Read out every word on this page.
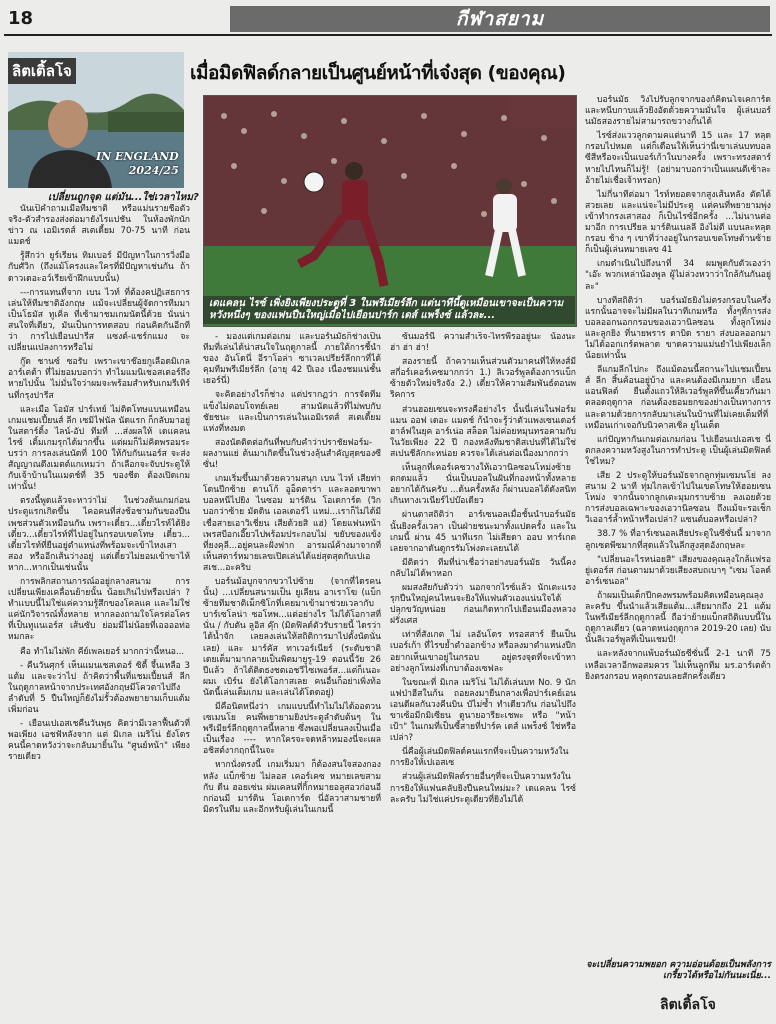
18	กีฬาสยาม
ลิตเติ้ลโจ
IN ENGLAND
2024/25
เมื่อมิดฟิลด์กลายเป็นศูนย์หน้าที่เจ๋งสุด (ของคุณ)
เดแคลน ไรซ์ เพิ่งยิงเพียงประตูที่ 3 ในพรีเมียร์ลีก แต่นาทีนี้ดูเหมือนเขาจะเป็นความหวังหนึ่งๆ ของแฟนปืนใหญ่เมื่อไปเยือนปาร์ก เดส์ แพร็งซ์ แล้วละ...
เปลี่ยนถูกจุด แต่มัน...ใช่เวลาไหม?

นั่นเป็คำถามเมื่อทีมชาติ หรือแม่นรายชื่อตัวจริง-ตัวสำรองส่งต่อมายังไรแปชัน ในห้องพักนักข่าว ณ เอมิเรตส์ สเตเดี้ยม 70-75 นาที ก่อนแมตช์

รู้สึกว่า ยูร์เรียน ทิมเบอร์ มีปัญหาในการวิ่งมือกับศัวิก (ถึงแม้โครงและใครที่มีปัญหาเช่นกัน ถ้าดาวเดอะอว์เรียเข้าฝึกแบบนั้น)

---การแทนที่จาก เบน ไวท์ ที่ต้องคปฏิเสธการเล่นให้ทีมชาติอังกฤษ แม้จะเปลี่ยนผู้จัดการทีมมาเป็นโธมัส ทูเคิ่ล ที่เซ้ามาชมเกมนัดนี้ด้วย นั่นน่าสนใจที่เดียว, มันเป็นการทดสอบ ก่อนคิดกันอีกทีว่า การไปเยือนปารีส แซงต์-แชร์กแมง จะเปลี่ยนแปลงการหรือไม่

กู๊ด ชานซ์ ซอรับ เพราะเขาช๊อยกูเลือดมิเกล อาร์เตต้า ที่ไม่ยอมบอกว่า ทำไมแมนิเชอสเตอร์ถึงหายไปนั้น ไม่มั่นใจว่าผมจะพร้อมสำหรับเกมรีเทิร์นที่กรุงปารีส

และเมือ โอมัส ปาร์เทย์ ไม่ติดโทษแบนเหมือนเกมแชมเปี้ยนส์ ลีก เซมิไฟนัล นัดแรก ก็กลับมาอยู่ในสตาร์ติ้ง ไลน์-อัป ทีมที่ ...ส่งผลให้ เดแคลน ไรซ์ เติ้มเกมรุกได้มากขึ้น แต่ผมก็ไม่คิดพรอมระบรว่า การลงเล่นนัดที่ 100 ให้กับกันเนอร์ส จะส่งสัญญาณดึงเมตต์แกเหมว่า ถ้าเลือกจะจับประตูให้กับเจ้าบ้านในแมตช์ที่ 35 ของชีด ต้องเปิดเกมเท่านั้น!

ตรงนี้พูดแล้วจะหาว่าไม่ ในช่วงต้นเกมก่อนประตูแรกเกิดขึ้น ไคอคนที่ส่งช้อชามกันของปืนเพชส่วนตัวเหมือนกัน เพราะเดี๋ยว...เดี๋ยวไรท์ได้ยิงเดี๋ยว...เดี๋ยวไรท์ที่ไปอยู่ในกรอบเขตโทษ เดี๋ยว... เดี๋ยวไรท์ที่ยืนอยู่ตำแหน่งที่พร้อมจะเข้าไหงเสาสอง หรืออีกเส้นว่างอยู่ แต่เดี๋ยวไม่ยอมเข้าขาไห้หาก...หากเป็นเช่นนั้น

การพลิกสถานการณ์ออยู่กลางสนาม การเปลี่ยนเพียงเคลื่อนย้ายนั้น น้อยเกินไปหรือเปล่า ? ทำเเบบนี้ไม่ใช่แค่ความรู้สึกของโคลแค เเละไม่ใช่แค่นักวิจารณ์ทั้งหลาย หากลองถามใจโครต่อโครที่เป็นทูแนเอร์ส เส้นซับ ย่อมมีไม่น้อยที่เออออท่อหมกละ

คือ ทำไมไม่พัก คีย์เพลเยอร์ มากกว่านี้หนอ...

- คืนวันศุกร์ เห็นแมนเชสเตอร์ ซิตี้ จึ้นเหลือ 3 แต้ม และจะว่าไป ถ้าคิดว่าพื้นที่แชมเปี้ยนส์ ลีก ในฤดูกาลหน้าจากประเทศอังกฤษมีโควตาไปถึงลำดับที่ 5 ปืนใหญ่ก็ยังไม่รั้วต้องพยายามเก็บแต้มเพิ่มก่อน

- เยือนเปเอสเชคืนวันพุธ คิดว่ามีเวลาฟื้นตัวที่พอเพียง เอชฟัหลังจาก แต่ มิเกล เมริโน่ ยังโดรคนนี้คาดหวังว่าจะกลับมายิ้นใน "ศูนย์หน้า" เพียงรายเดียว

- มองแต่เกมต่อเกม และบอร์นมัธก็ช่างเป็นทีมที่เล่นได้น่าสนใจในฤดูกาลนี้ ภายใต้การชี้นำของ อันโดนี่ อีราโอล่า ซาเวลเปรียร์ลีกกาที่ได้คุมทีมพรีเมียร์ลีก (อายุ 42 ปีเอง เนื่องชมแน่ชั้นเยอร์นี่)

จะคิดอย่างไรก็ช่าง แต่ปรากฏว่า การจัดทีมแข็งไม่ตอบโจทย์เลย สามนัดแล้วที่ไม่พบกับชัยชนะ และเป็นการเล่นในเอมิเรตส์ สเตเดี้ยมแห่งที่หงมด

สองนัดติดต่อกันที่พบกับคำว่าปราชัยฟอร์ม-ผลงานแย่ ต้นมาเกิดขึ้นในช่วงลุ้นสำคัญสุดของซีซั่น!

เกมเริ่มขึ้นมาด้วยความสนุก เบน ไวท์ เสียท่า โดนปีกซ้าย ดานโก้ อูอ็ตตาร่า และลอดขาพาบอลหนีไปยิง ไนซอม มาร์ติน โอเดการ์ด (วิก บอกว่าซ้าย มัดดิน เอลเดอร์ไ แหม่...เราก็ไม่ได้มีเชื่อสายเอาวิเชี่ยน เสียด้วยสิ แฮ่) โดยแฟนหน้าเพรสบีอกเอี๊ยวไปพร้อมประกอบไม่ ขยับของแข้งที่ยงคุลี...อยู่คนละฝั่งฟาก อารมณ์ค้างมาจากที่เห็นสตาร์หมายเลขเปิดเล่นได้แย่สุดสุดกับเปเอสเช...อะคริบ

บอร์นม้อบูกจากขวาไปซ้าย (จากที่ไดรคนนั้น) ...เปลี่ยนสนามเป็น ยูเลียน อาเราโฆ (แบ็กซ้ายทีมชาติเม็กซิโกที่เคยมาเข้ามาช่วยเวลากับบาร์เซโลน่า ซอโหพ...แต่อย่างไร ไม่ได้โอกาสที่นั่น / กับตัน ลูอิส คุ๊ก (มิดฟิลด์ตัวรับรายนี้ ไดรว่าได้น้ำจัก เลยลงเล่นให้สถิติการมาไปตั้งนัดนั่นเลย) และ มาร์คัส ทาเวอร์เนียร์ (ระดับชาติ เดยเด็มามากลายเป็นพิตมายูรู-19 ตอนนี้วัย 26 ปีแล้ว ถ้าได้ติดธงชตเอชวีไซเพอร์ส...แต่ก็เนอะ ผมเ เบิร์น ยังได้โอกาสเลย คนอื่นก็อย่าเพิ่งท้อ นัดนี้เล่นเต็มเกม และเล่นได้โดดอยู่)

มีคือนิตหนึ่งว่า เกมแบบนี้ทำไมไม่ได้ออตวน เซเมนโย คนพี่พยายามยิงประตูลำดับต้นๆ ในพรีเมียร์ลีกฤดูกาลนี้หลาย ซึ่งพอเปลี่ยนลงเป็นเมื่อเป็นเรื่อง ---- หากใครจะจดหล้าหมองนี่จะเผลอชิสต์งากฤกนี้ในจะ

หากนั่งตรงนี้ เกมเริ่มมา ก็ต้องสนใจสองกองหลัง แบ็กซ้าย ไม่ลอส เคอร์เคซ หมายเลขสาม กับ ดีน ฮอยเซ่น ผ่มเคลนที่กิ้กหมายอลูสอวก่อนอีกก่อนมี มาร์ติน โอเดการ์ด นี่อัลวาสามชายที่มิตรในทีม และอีกหรับผู้เล่นในเกมนี้

ซ้นมอร์นี่ ความสำเร็จ-ไทรพี่รออยู่นะ น้องนะ ฮ่า ฮ่า ฮ่า!

สองรายนี้ ถ้าความเห็นส่วนตัวมาคนที่ให้หงส์มีสกี่อร์เคอร์เคซมากกว่า 1.) ลิเวอร์พูลต้องการแบ็กซ้ายตัวใหม่จริงจัง 2.) เดี๋ยวให้ความสัมพันธ์ตอนพริคการ

ส่วนฮอยเซนจะทรงคือย่างไร นั้นนี่เล่นในฟอร์มแมน ออฟ เดอะ แมตช์ ก้นำจะรู้ว่าตัวแพงเซนเดอร์ฮาล์ฟในยุค อาร์เน่อ สล็อต ไม่ค่อยหมุนทรอคามกับ ในวัยเพียง 22 ปี กองหลังทีมชาติสเปนที่ได้ไม่ใช่สเปนชีลักกะหน่อย ควรจะได้เล่นต่อเนื่องมากกว่า

เห็นลูกที่เคอร์เคซวางให้เอวานิลซอนโหม่งซ้ายตกดมแล้ว นั่นเป็นบอลในฝันที่กองหน้าทั้งหลายอยากได้กันครับ ...ด้นครั้งหลัง ก็ผ่านบอลได้ดังสนิท เกินทางเวเนียร์ไปบ๊อเดียว

ผ่านตาสถิติว่า อาร์เซนอลเมื่อชั้นนำบอร์นมัธ นั้นยิงครั้งเวลา เป็นฝ่ายชนะมาทั้งแปดครั้ง และในเกมนี้ ผ่าน 45 นาทีแรก ไม่เสียดา ออบ ทาร์เกต เลยจากอาดันดูกรรัมโพ่งตะเลยนได้

มีติดว่า ทีมที่น่าเชื่อว่าอย่างบอร์นมัธ วันนี้คงกลับไม่ได้พาหอก

ผมสงสัยกับตัวว่า นอกจากไรซ์แล้ว นักเตะแรงรุกปืนใหญ่คนไหนจะยิงให้แฟนตัวเองแน่นใจได้ ปลุกขวัญหน่อย ก่อนเกิดหากไปเยือนเมืองหลวงฝรั่งเศส

เท่าที่สังเกต ไม่ เลอันโดร ทรอสสาร์ ยืนเป็นเบอร์เก้า ที่ไรขย้ำตำออกข้าง หรือลงมาตำแหน่งปีก อยากเห็นเขาอยู่ในกรอบ อยู่ตรงจุดที่จะเข้าหา อย่างลูกโหม่งที่เกบาต้องเซฟละ

ในขณะที่ มิเกล เมริโน่ ไม่ได้เล่นบท No. 9 นักแฟป่าฮีสในก้น ถอยลงมายืนกลางเพื่อปาร์เคย์เอนเอนดีผลกันวงคีนบิน บัไม่ซ้ำ ทำเดียวกัน ก่อนไปถึงขาเซ้อมีกมิเซียน ดูนายอารียะเชพะ หรือ "หน้าเป้า" ในเกมที่เป็นซี้สายที่ปาร์ค เดส์ แพร็งซ์ ใช่หรือเปล่า?

นี่คือผู้เล่นมิดฟิลด์คนแรกที่จะเป็นความหวังในการยิงให้เปเอสเซ

ส่วนผู้เล่นมิดฟิลด์รายอื่นๆที่จะเป็นความหวังในการยิงให้แฟนคลับยิงปืนคนใหม่มะ? เดแคลน ไรซ์ ละครับ ไม่ใช่แค่ประตูเดียวที่ยิงไม่ได้

บอร์นมัธ วิ่งไปรับลูกจากของก์คิดนโจเคการ์ดและหนีบกาบแล้วยิงอัดด้วยความมั่นใจ ผู้เล่นบอร์นมัธสองรายไม่สามารถขวางกั้นได้

ไรซ์ส่งแววลูกตามคแต่นาที 15 และ 17 หลุดกรอบไปหมด แต่ก็เดือนให้เห็นว่านี่เขาเล่นบทบอลซีสีหรือจะเป็นเบอร์เก้าในบางครั้ง เพราะทรงสตาร์หายไปไหนก็ไม่รู้! (อย่ามาบอกว่าเป็นแผนตีเซ้าละ อ้ายไม่เชื่อเจ้าหรอก)

ไม่กี่นาทีต่อมา ไรท์หยอดจากสูงเส้นหลัง ตัดได้สวยเลย และแน่จะไม่มีประตู แต่คนที่พยายามพุ่งเข้าทำกรงเสาสอง ก็เป็นไรซ์อีกครั้ง ...ไม่นานต่อมาอีก การเปรียล มาร์ตินเนลลี อิงไม่ตี แบนละหลุดกรอบ ช้าง ๆ เขาที่ว่างอยู่ในกรอบเขตโทษด้านซ้าย ก็เป็นผู้เล่นหมายเลข 41

เกมดำเนินไปถึงนาที่ 34 ผมพูดกับตัวเองว่า "เอ๊ะ พวกเหล่าน้องพูล ผู้ไม่ล่วงหวาว่าใกล้กันกันอยู่ละ"

บางทีสถิติว่า บอร์นมัธยิงไม่ตรงกรอบในครึ่งแรกนั้นอาจจะไม่มีผลในวาทีเกมหรือ ทั้งๆที่การส่งบอลออกนอกกรอบของเอวานิลซอน ทั้งลูกโหม่งและลูกยิง ที่นายพราร ดาบิด รายา ส่งบอลออกมาไม่ได้ออกเกร์ตพลาด ขาดความแม่นยำไปเพียงเล็กน้อยเท่านั้น

ลีแกมลีกไปกะ ถึงแม้ตอนนี้สถานะไปแชมเปี้ยนส์ ลีก สิ้นค้อนอยู่บ้าง และคนต้องมีเกมยาก เยือนแอนฟิลด์ ยืนตั้งแถวให้ลิเวอร์พูลที่ขึ้นเคี้ยวกันมาตลอดฤดูกาล ก่อนต้องยอมยกของย่างเป็นทางการ และตามด้วยการกลับมาเล่นในบ้านที่ไม่เคยเต็มที่ที่เหมือนเก่าเจอกับนิวคาสเซิ่ล ยูไนเต็ด

แก่ปัญหากันเกมต่อเกมก่อน ไปเยือนเปเอสเช นี่ตกลงความหวังสูงในการทำประตู เป็นผู้เล่นมิดฟิลด์ใช่ไหม?

เสีย 2 ประตูให้บอร์นมัธจากลูกทุ่มเซมนโย่ ลงสนาม 2 นาที ทุ่มไกลเข้าไปในเขตโทษให้ฮอยเซนโหม่ง จากนั้นจากลูกเตะมุมกราบซ้าย ลงเอยด้วยการส่งบอลเฉพาะของเอวานิลซอน ถึงแม้จะรอเช็กวิเออาร์ล้ำหน้าหรือเปล่า? แซนต์บอลหรือเปล่า?

38.7 % ที่อาร์เซนอลเสียประตูในซีซั่นนี้ มาจากลูกเซตพีซมากที่สุดแล้วในลีกสูงสุดอังกฤษละ

"เปลี่ยนอะไรหน่อยสิ" เสียงของคุณลุงใกล้แฟรอยู่เตอร์ส ก่อนตามมาด้วยเสียงสบถเบาๆ "เซม โอลด์ อาร์เซนอล"

ถ้าผมเป็นเด็กปีกคงพรมพร้อมคิดเหมือนคุณลุงละครับ ขึ้นนำแล้วเสียแต้ม...เสียมากถึง 21 แต้มในพรีเมียร์ลีกฤดูกาลนี้ ถือว่าย้ายแบ็กสถิติแบบนี้ในฤดูกาลเดียว (ฉลาดหน่งฤดูกาล 2019-20 เลย) นับนั้นลิเวอร์พูลที่เป็นแชมป์!

และหลังจากแพ้บอร์นมัธซีซั่นนี้ 2-1 นาที 75 เหลือเวลาอีกพอสมควร ไม่เห็นลูกทีม มร.อาร์เตต้า ยิงตรงกรอบ หลุดกรอบเลยสักครั้งเดียว

จะเปลี่ยนความพยอก ความอ่อนด้อยเป็นพลังการเกรี้ยวได้หรือไม่กันนะเนี่ย...
ลิตเติ้ลโจ
